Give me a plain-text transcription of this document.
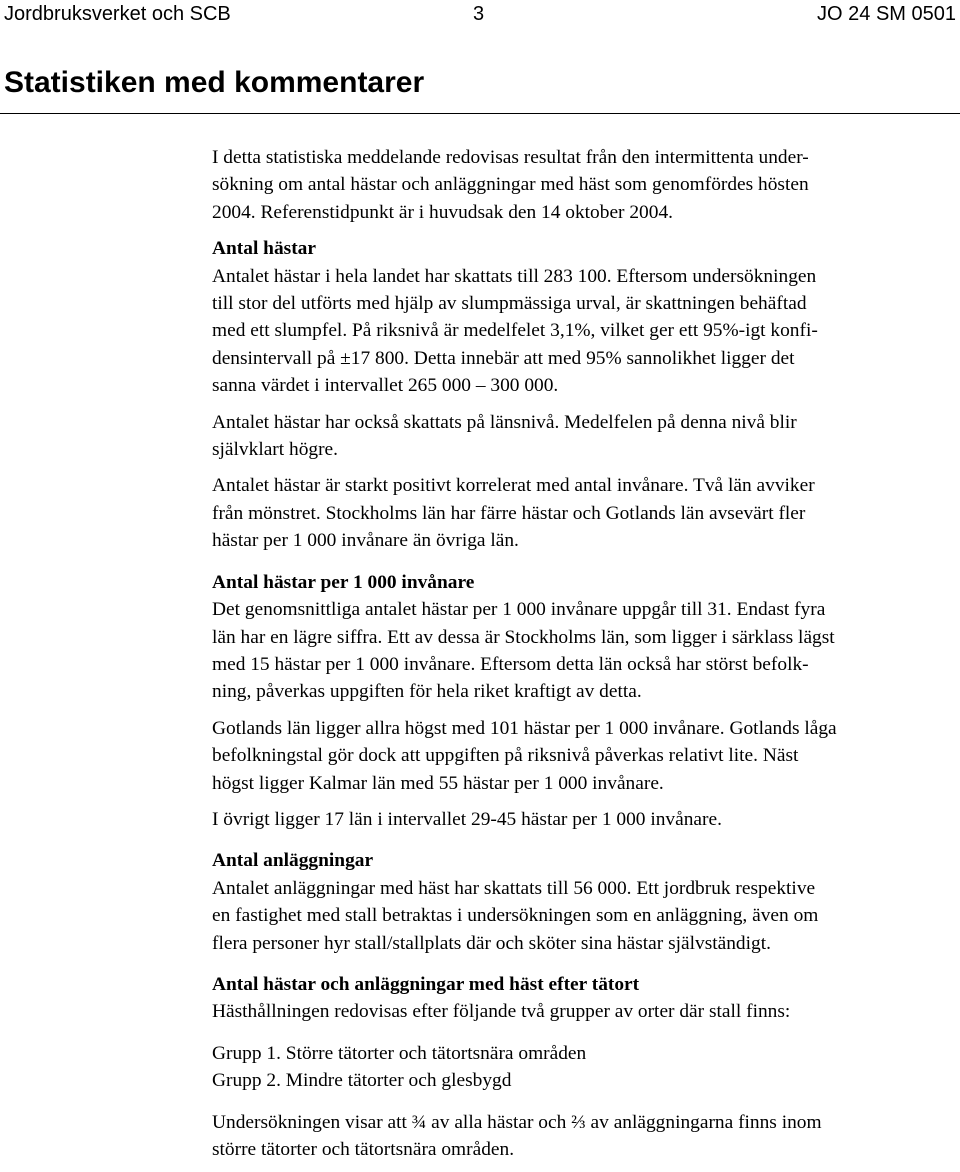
Jordbruksverket och SCB	3	JO 24 SM 0501
Statistiken med kommentarer

I detta statistiska meddelande redovisas resultat från den intermittenta under-
sökning om antal hästar och anläggningar med häst som genomfördes hösten
2004. Referenstidpunkt är i huvudsak den 14 oktober 2004.

Antal hästar

Antalet hästar i hela landet har skattats till 283 100. Eftersom undersökningen
till stor del utförts med hjälp av slumpmässiga urval, är skattningen behäftad
med ett slumpfel. På riksnivå är medelfelet 3,1%, vilket ger ett 95%-igt konfi-
densintervall på ±17 800. Detta innebär att med 95% sannolikhet ligger det
sanna värdet i intervallet 265 000 – 300 000.

Antalet hästar har också skattats på länsnivå. Medelfelen på denna nivå blir
självklart högre.

Antalet hästar är starkt positivt korrelerat med antal invånare. Två län avviker
från mönstret. Stockholms län har färre hästar och Gotlands län avsevärt fler
hästar per 1 000 invånare än övriga län.

Antal hästar per 1 000 invånare

Det genomsnittliga antalet hästar per 1 000 invånare uppgår till 31. Endast fyra
län har en lägre siffra. Ett av dessa är Stockholms län, som ligger i särklass lägst
med 15 hästar per 1 000 invånare. Eftersom detta län också har störst befolk-
ning, påverkas uppgiften för hela riket kraftigt av detta.

Gotlands län ligger allra högst med 101 hästar per 1 000 invånare. Gotlands låga
befolkningstal gör dock att uppgiften på riksnivå påverkas relativt lite. Näst
högst ligger Kalmar län med 55 hästar per 1 000 invånare.

I övrigt ligger 17 län i intervallet 29-45 hästar per 1 000 invånare.

Antal anläggningar

Antalet anläggningar med häst har skattats till 56 000. Ett jordbruk respektive
en fastighet med stall betraktas i undersökningen som en anläggning, även om
flera personer hyr stall/stallplats där och sköter sina hästar självständigt.

Antal hästar och anläggningar med häst efter tätort

Hästhållningen redovisas efter följande två grupper av orter där stall finns:

Grupp 1. Större tätorter och tätortsnära områden

Grupp 2. Mindre tätorter och glesbygd

Undersökningen visar att ¾ av alla hästar och ⅔ av anläggningarna finns inom
större tätorter och tätortsnära områden.
